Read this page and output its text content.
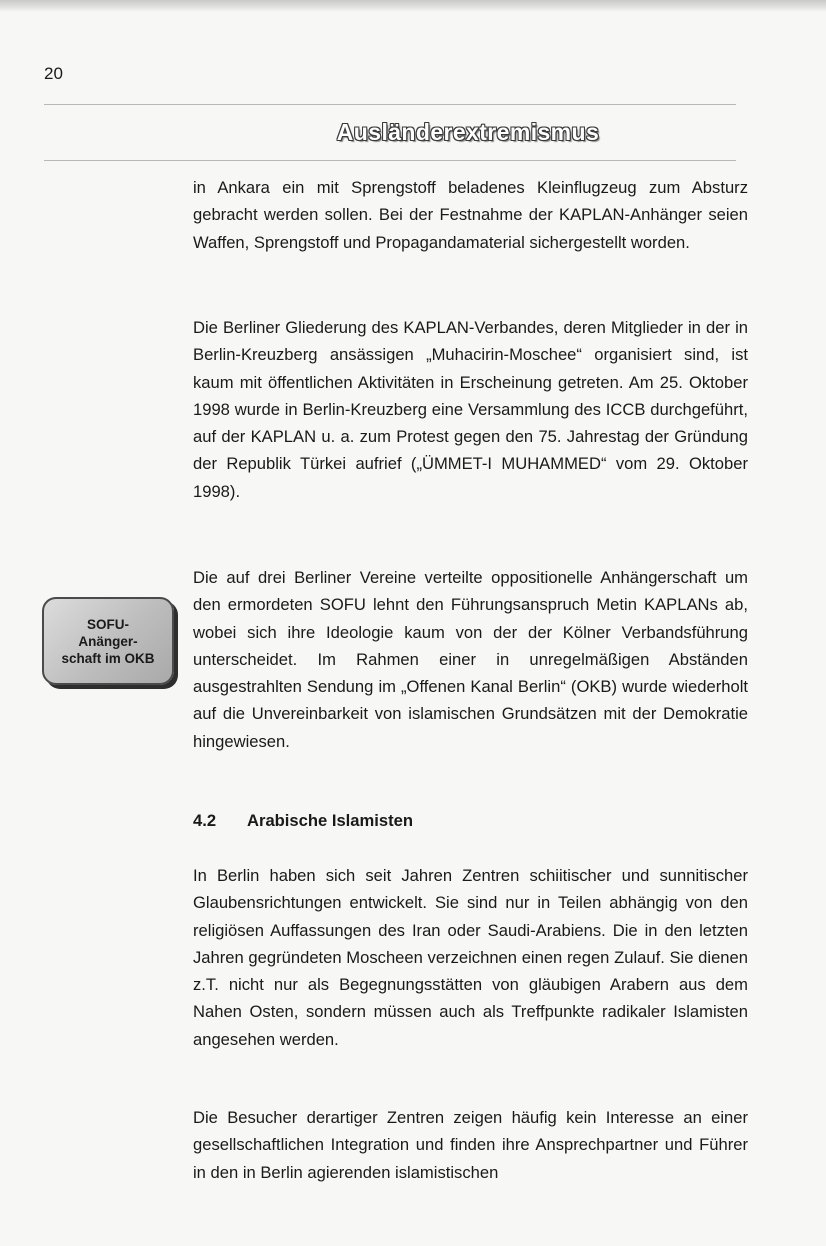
20
Ausländerextremismus

in Ankara ein mit Sprengstoff beladenes Kleinflugzeug zum Absturz gebracht werden sollen. Bei der Festnahme der KAPLAN-Anhänger seien Waffen, Sprengstoff und Propagandamaterial sichergestellt worden.

Die Berliner Gliederung des KAPLAN-Verbandes, deren Mitglieder in der in Berlin-Kreuzberg ansässigen „Muhacirin-Moschee“ organisiert sind, ist kaum mit öffentlichen Aktivitäten in Erscheinung getreten. Am 25. Oktober 1998 wurde in Berlin-Kreuzberg eine Versammlung des ICCB durchgeführt, auf der KAPLAN u. a. zum Protest gegen den 75. Jahrestag der Gründung der Republik Türkei aufrief („ÜMMET-I MUHAMMED“ vom 29. Oktober 1998).

SOFU-
Anänger-
schaft im OKB

Die auf drei Berliner Vereine verteilte oppositionelle Anhängerschaft um den ermordeten SOFU lehnt den Führungsanspruch Metin KAPLANs ab, wobei sich ihre Ideologie kaum von der der Kölner Verbandsführung unterscheidet. Im Rahmen einer in unregelmäßigen Abständen ausgestrahlten Sendung im „Offenen Kanal Berlin“ (OKB) wurde wiederholt auf die Unvereinbarkeit von islamischen Grundsätzen mit der Demokratie hingewiesen.

4.2 Arabische Islamisten

In Berlin haben sich seit Jahren Zentren schiitischer und sunnitischer Glaubensrichtungen entwickelt. Sie sind nur in Teilen abhängig von den religiösen Auffassungen des Iran oder Saudi-Arabiens. Die in den letzten Jahren gegründeten Moscheen verzeichnen einen regen Zulauf. Sie dienen z.T. nicht nur als Begegnungsstätten von gläubigen Arabern aus dem Nahen Osten, sondern müssen auch als Treffpunkte radikaler Islamisten angesehen werden.

Die Besucher derartiger Zentren zeigen häufig kein Interesse an einer gesellschaftlichen Integration und finden ihre Ansprechpartner und Führer in den in Berlin agierenden islamistischen
